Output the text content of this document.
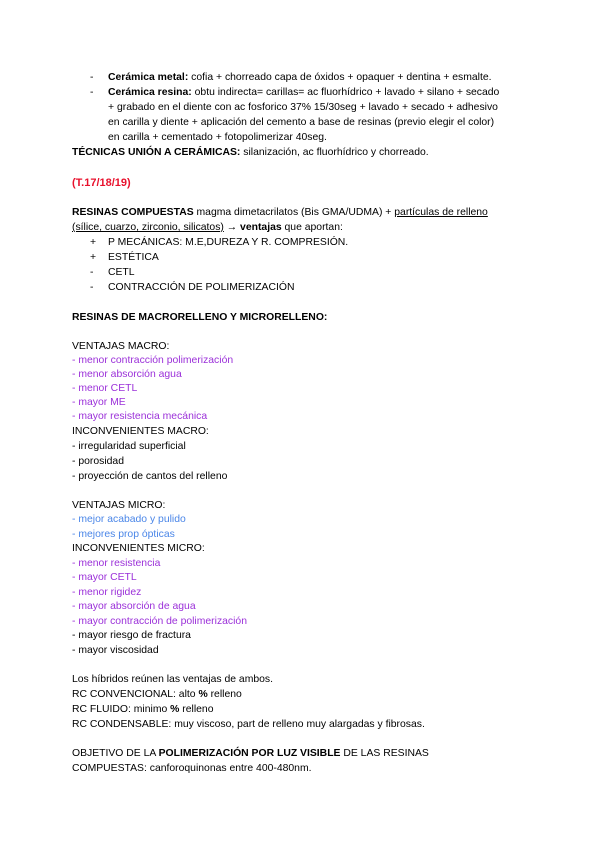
- Cerámica metal: cofia + chorreado capa de óxidos + opaquer + dentina + esmalte.
- Cerámica resina: obtu indirecta= carillas= ac fluorhídrico + lavado + silano + secado
+ grabado en el diente con ac fosforico 37% 15/30seg + lavado + secado + adhesivo
en carilla y diente + aplicación del cemento a base de resinas (previo elegir el color)
en carilla + cementado + fotopolimerizar 40seg.
TÉCNICAS UNIÓN A CERÁMICAS: silanización, ac fluorhídrico y chorreado.
(T.17/18/19)
RESINAS COMPUESTAS magma dimetacrilatos (Bis GMA/UDMA) + partículas de relleno
(sílice, cuarzo, zirconio, silicatos) → ventajas que aportan:
+ P MECÁNICAS: M.E,DUREZA Y R. COMPRESIÓN.
+ ESTÉTICA
- CETL
- CONTRACCIÓN DE POLIMERIZACIÓN
RESINAS DE MACRORELLENO Y MICRORELLENO:
VENTAJAS MACRO:
- menor contracción polimerización
- menor absorción agua
- menor CETL
- mayor ME
- mayor resistencia mecánica
INCONVENIENTES MACRO:
- irregularidad superficial
- porosidad
- proyección de cantos del relleno
VENTAJAS MICRO:
- mejor acabado y pulido
- mejores prop ópticas
INCONVENIENTES MICRO:
- menor resistencia
- mayor CETL
- menor rigidez
- mayor absorción de agua
- mayor contracción de polimerización
- mayor riesgo de fractura
- mayor viscosidad
Los híbridos reúnen las ventajas de ambos.
RC CONVENCIONAL: alto % relleno
RC FLUIDO: minimo % relleno
RC CONDENSABLE: muy viscoso, part de relleno muy alargadas y fibrosas.
OBJETIVO DE LA POLIMERIZACIÓN POR LUZ VISIBLE DE LAS RESINAS
COMPUESTAS: canforoquinonas entre 400-480nm.
